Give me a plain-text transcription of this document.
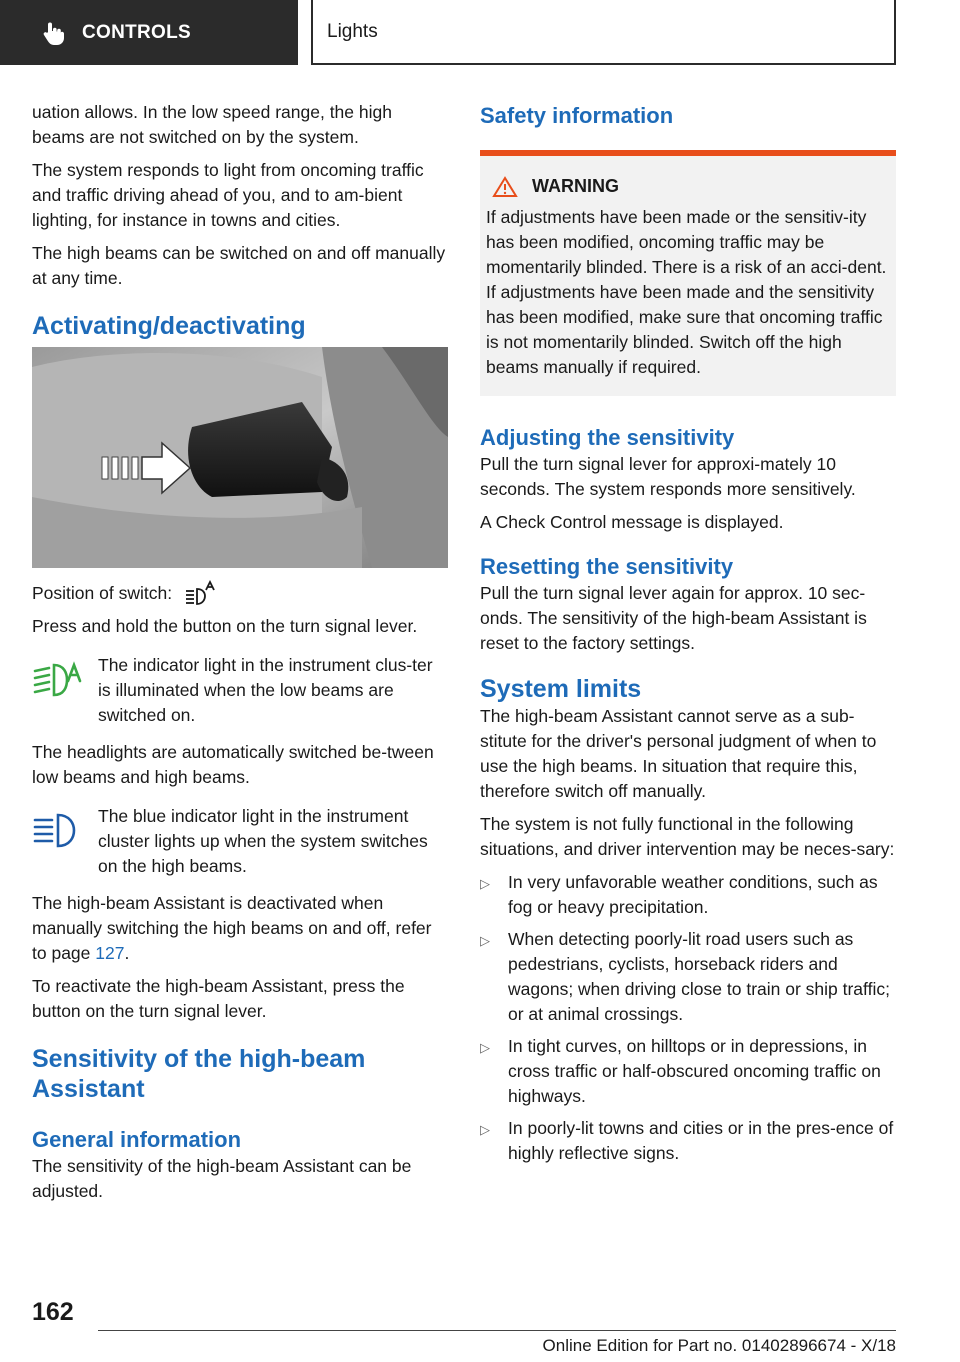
CONTROLS	Lights

uation allows. In the low speed range, the high beams are not switched on by the system.

The system responds to light from oncoming traffic and traffic driving ahead of you, and to am‐bient lighting, for instance in towns and cities.

The high beams can be switched on and off manually at any time.

Activating/deactivating

Position of switch:

Press and hold the button on the turn signal lever.

The indicator light in the instrument clus‐ter is illuminated when the low beams are switched on.

The headlights are automatically switched be‐tween low beams and high beams.

The blue indicator light in the instrument cluster lights up when the system switches on the high beams.

The high-beam Assistant is deactivated when manually switching the high beams on and off, refer to page 127.

To reactivate the high-beam Assistant, press the button on the turn signal lever.

Sensitivity of the high-beam Assistant
General information

The sensitivity of the high-beam Assistant can be adjusted.

Safety information
WARNING
If adjustments have been made or the sensitiv‐ity has been modified, oncoming traffic may be momentarily blinded. There is a risk of an acci‐dent. If adjustments have been made and the sensitivity has been modified, make sure that oncoming traffic is not momentarily blinded. Switch off the high beams manually if required.
Adjusting the sensitivity

Pull the turn signal lever for approxi‐mately 10 seconds. The system responds more sensitively.

A Check Control message is displayed.

Resetting the sensitivity

Pull the turn signal lever again for approx. 10 sec‐onds. The sensitivity of the high-beam Assistant is reset to the factory settings.

System limits

The high-beam Assistant cannot serve as a sub‐stitute for the driver's personal judgment of when to use the high beams. In situation that require this, therefore switch off manually.

The system is not fully functional in the following situations, and driver intervention may be neces‐sary:

▷	In very unfavorable weather conditions, such as fog or heavy precipitation.
▷	When detecting poorly-lit road users such as pedestrians, cyclists, horseback riders and wagons; when driving close to train or ship traffic; or at animal crossings.
▷	In tight curves, on hilltops or in depressions, in cross traffic or half-obscured oncoming traffic on highways.
▷	In poorly-lit towns and cities or in the pres‐ence of highly reflective signs.
162
Online Edition for Part no. 01402896674 - X/18
